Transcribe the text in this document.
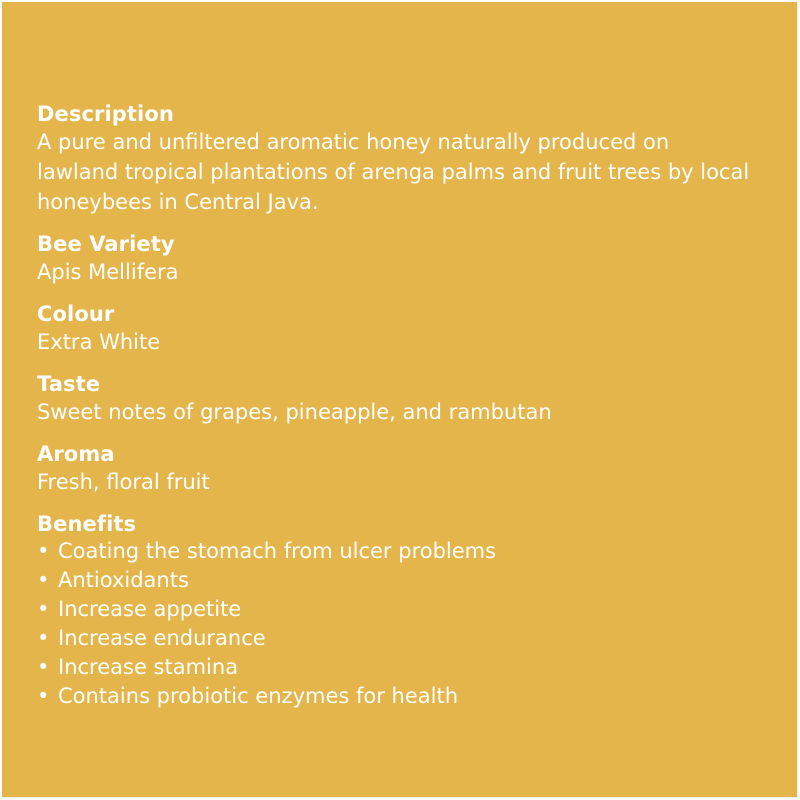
Description
A pure and unfiltered aromatic honey naturally produced on lawland tropical plantations of arenga palms and fruit trees by local honeybees in Central Java.
Bee Variety
Apis Mellifera
Colour
Extra White
Taste
Sweet notes of grapes, pineapple, and rambutan
Aroma
Fresh, floral fruit
Benefits
• Coating the stomach from ulcer problems
• Antioxidants
• Increase appetite
• Increase endurance
• Increase stamina
• Contains probiotic enzymes for health
